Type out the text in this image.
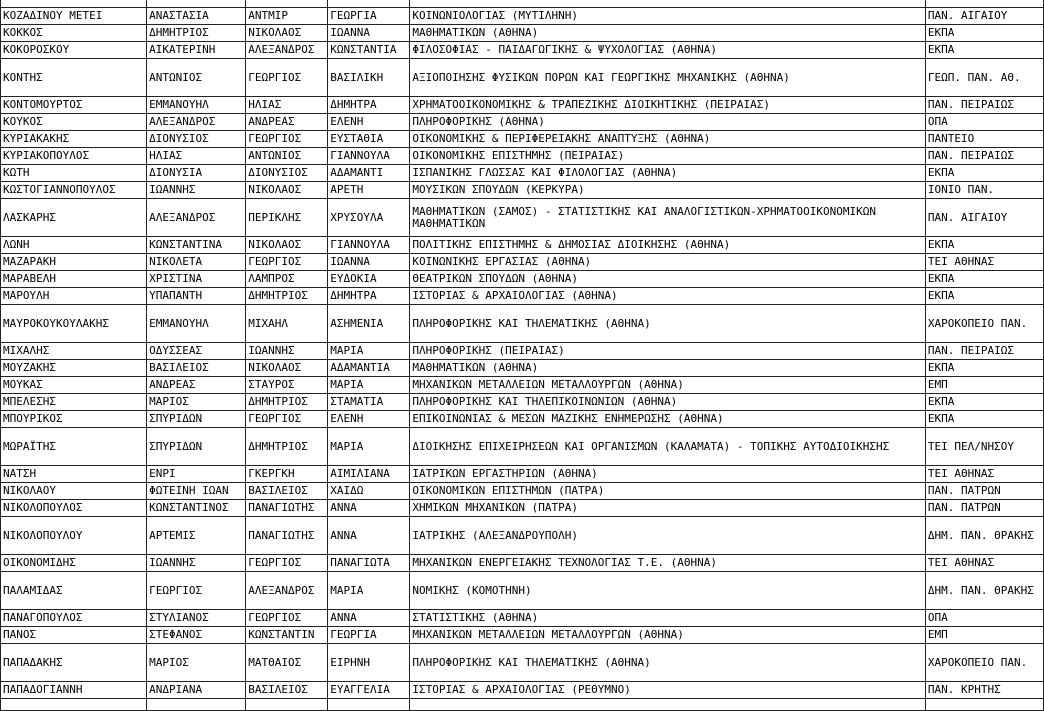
ΚΟΖΑΔΙΝΟΥ ΜΕΤΕΙ	ΑΝΑΣΤΑΣΙΑ	ΑΝΤΜΙΡ	ΓΕΩΡΓΙΑ	ΚΟΙΝΩΝΙΟΛΟΓΙΑΣ (ΜΥΤΙΛΗΝΗ)	ΠΑΝ. ΑΙΓΑΙΟΥ
ΚΟΚΚΟΣ	ΔΗΜΗΤΡΙΟΣ	ΝΙΚΟΛΑΟΣ	ΙΩΑΝΝΑ	ΜΑΘΗΜΑΤΙΚΩΝ (ΑΘΗΝΑ)	ΕΚΠΑ
ΚΟΚΟΡΟΣΚΟΥ	ΑΙΚΑΤΕΡΙΝΗ	ΑΛΕΞΑΝΔΡΟΣ	ΚΩΝΣΤΑΝΤΙΑ	ΦΙΛΟΣΟΦΙΑΣ - ΠΑΙΔΑΓΩΓΙΚΗΣ & ΨΥΧΟΛΟΓΙΑΣ (ΑΘΗΝΑ)	ΕΚΠΑ
ΚΟΝΤΗΣ	ΑΝΤΩΝΙΟΣ	ΓΕΩΡΓΙΟΣ	ΒΑΣΙΛΙΚΗ	ΑΞΙΟΠΟΙΗΣΗΣ ΦΥΣΙΚΩΝ ΠΟΡΩΝ ΚΑΙ ΓΕΩΡΓΙΚΗΣ ΜΗΧΑΝΙΚΗΣ (ΑΘΗΝΑ)	ΓΕΩΠ. ΠΑΝ. ΑΘ.
ΚΟΝΤΟΜΟΥΡΤΟΣ	ΕΜΜΑΝΟΥΗΛ	ΗΛΙΑΣ	ΔΗΜΗΤΡΑ	ΧΡΗΜΑΤΟΟΙΚΟΝΟΜΙΚΗΣ & ΤΡΑΠΕΖΙΚΗΣ ΔΙΟΙΚΗΤΙΚΗΣ (ΠΕΙΡΑΙΑΣ)	ΠΑΝ. ΠΕΙΡΑΙΩΣ
ΚΟΥΚΟΣ	ΑΛΕΞΑΝΔΡΟΣ	ΑΝΔΡΕΑΣ	ΕΛΕΝΗ	ΠΛΗΡΟΦΟΡΙΚΗΣ (ΑΘΗΝΑ)	ΟΠΑ
ΚΥΡΙΑΚΑΚΗΣ	ΔΙΟΝΥΣΙΟΣ	ΓΕΩΡΓΙΟΣ	ΕΥΣΤΑΘΙΑ	ΟΙΚΟΝΟΜΙΚΗΣ & ΠΕΡΙΦΕΡΕΙΑΚΗΣ ΑΝΑΠΤΥΞΗΣ (ΑΘΗΝΑ)	ΠΑΝΤΕΙΟ
ΚΥΡΙΑΚΟΠΟΥΛΟΣ	ΗΛΙΑΣ	ΑΝΤΩΝΙΟΣ	ΓΙΑΝΝΟΥΛΑ	ΟΙΚΟΝΟΜΙΚΗΣ ΕΠΙΣΤΗΜΗΣ (ΠΕΙΡΑΙΑΣ)	ΠΑΝ. ΠΕΙΡΑΙΩΣ
ΚΩΤΗ	ΔΙΟΝΥΣΙΑ	ΔΙΟΝΥΣΙΟΣ	ΑΔΑΜΑΝΤΙ	ΙΣΠΑΝΙΚΗΣ ΓΛΩΣΣΑΣ ΚΑΙ ΦΙΛΟΛΟΓΙΑΣ (ΑΘΗΝΑ)	ΕΚΠΑ
ΚΩΣΤΟΓΙΑΝΝΟΠΟΥΛΟΣ	ΙΩΑΝΝΗΣ	ΝΙΚΟΛΑΟΣ	ΑΡΕΤΗ	ΜΟΥΣΙΚΩΝ ΣΠΟΥΔΩΝ (ΚΕΡΚΥΡΑ)	ΙΟΝΙΟ ΠΑΝ.
ΛΑΣΚΑΡΗΣ	ΑΛΕΞΑΝΔΡΟΣ	ΠΕΡΙΚΛΗΣ	ΧΡΥΣΟΥΛΑ	ΜΑΘΗΜΑΤΙΚΩΝ (ΣΑΜΟΣ) - ΣΤΑΤΙΣΤΙΚΗΣ ΚΑΙ ΑΝΑΛΟΓΙΣΤΙΚΩΝ-ΧΡΗΜΑΤΟΟΙΚΟΝΟΜΙΚΩΝ ΜΑΘΗΜΑΤΙΚΩΝ	ΠΑΝ. ΑΙΓΑΙΟΥ
ΛΩΝΗ	ΚΩΝΣΤΑΝΤΙΝΑ	ΝΙΚΟΛΑΟΣ	ΓΙΑΝΝΟΥΛΑ	ΠΟΛΙΤΙΚΗΣ ΕΠΙΣΤΗΜΗΣ & ΔΗΜΟΣΙΑΣ ΔΙΟΙΚΗΣΗΣ (ΑΘΗΝΑ)	ΕΚΠΑ
ΜΑΖΑΡΑΚΗ	ΝΙΚΟΛΕΤΑ	ΓΕΩΡΓΙΟΣ	ΙΩΑΝΝΑ	ΚΟΙΝΩΝΙΚΗΣ ΕΡΓΑΣΙΑΣ (ΑΘΗΝΑ)	ΤΕΙ ΑΘΗΝΑΣ
ΜΑΡΑΒΕΛΗ	ΧΡΙΣΤΙΝΑ	ΛΑΜΠΡΟΣ	ΕΥΔΟΚΙΑ	ΘΕΑΤΡΙΚΩΝ ΣΠΟΥΔΩΝ (ΑΘΗΝΑ)	ΕΚΠΑ
ΜΑΡΟΥΛΗ	ΥΠΑΠΑΝΤΗ	ΔΗΜΗΤΡΙΟΣ	ΔΗΜΗΤΡΑ	ΙΣΤΟΡΙΑΣ & ΑΡΧΑΙΟΛΟΓΙΑΣ (ΑΘΗΝΑ)	ΕΚΠΑ
ΜΑΥΡΟΚΟΥΚΟΥΛΑΚΗΣ	ΕΜΜΑΝΟΥΗΛ	ΜΙΧΑΗΛ	ΑΣΗΜΕΝΙΑ	ΠΛΗΡΟΦΟΡΙΚΗΣ ΚΑΙ ΤΗΛΕΜΑΤΙΚΗΣ (ΑΘΗΝΑ)	ΧΑΡΟΚΟΠΕΙΟ ΠΑΝ.
ΜΙΧΑΛΗΣ	ΟΔΥΣΣΕΑΣ	ΙΩΑΝΝΗΣ	ΜΑΡΙΑ	ΠΛΗΡΟΦΟΡΙΚΗΣ (ΠΕΙΡΑΙΑΣ)	ΠΑΝ. ΠΕΙΡΑΙΩΣ
ΜΟΥΖΑΚΗΣ	ΒΑΣΙΛΕΙΟΣ	ΝΙΚΟΛΑΟΣ	ΑΔΑΜΑΝΤΙΑ	ΜΑΘΗΜΑΤΙΚΩΝ (ΑΘΗΝΑ)	ΕΚΠΑ
ΜΟΥΚΑΣ	ΑΝΔΡΕΑΣ	ΣΤΑΥΡΟΣ	ΜΑΡΙΑ	ΜΗΧΑΝΙΚΩΝ ΜΕΤΑΛΛΕΙΩΝ ΜΕΤΑΛΛΟΥΡΓΩΝ (ΑΘΗΝΑ)	ΕΜΠ
ΜΠΕΛΕΣΗΣ	ΜΑΡΙΟΣ	ΔΗΜΗΤΡΙΟΣ	ΣΤΑΜΑΤΙΑ	ΠΛΗΡΟΦΟΡΙΚΗΣ ΚΑΙ ΤΗΛΕΠΙΚΟΙΝΩΝΙΩΝ (ΑΘΗΝΑ)	ΕΚΠΑ
ΜΠΟΥΡΙΚΟΣ	ΣΠΥΡΙΔΩΝ	ΓΕΩΡΓΙΟΣ	ΕΛΕΝΗ	ΕΠΙΚΟΙΝΩΝΙΑΣ & ΜΕΣΩΝ ΜΑΖΙΚΗΣ ΕΝΗΜΕΡΩΣΗΣ (ΑΘΗΝΑ)	ΕΚΠΑ
ΜΩΡΑΪΤΗΣ	ΣΠΥΡΙΔΩΝ	ΔΗΜΗΤΡΙΟΣ	ΜΑΡΙΑ	ΔΙΟΙΚΗΣΗΣ ΕΠΙΧΕΙΡΗΣΕΩΝ ΚΑΙ ΟΡΓΑΝΙΣΜΩΝ (ΚΑΛΑΜΑΤΑ) - ΤΟΠΙΚΗΣ ΑΥΤΟΔΙΟΙΚΗΣΗΣ	ΤΕΙ ΠΕΛ/ΝΗΣΟΥ
ΝΑΤΣΗ	ΕΝΡΙ	ΓΚΕΡΓΚΗ	ΑΙΜΙΛΙΑΝΑ	ΙΑΤΡΙΚΩΝ ΕΡΓΑΣΤΗΡΙΩΝ (ΑΘΗΝΑ)	ΤΕΙ ΑΘΗΝΑΣ
ΝΙΚΟΛΑΟΥ	ΦΩΤΕΙΝΗ ΙΩΑΝ	ΒΑΣΙΛΕΙΟΣ	ΧΑΙΔΩ	ΟΙΚΟΝΟΜΙΚΩΝ ΕΠΙΣΤΗΜΩΝ (ΠΑΤΡΑ)	ΠΑΝ. ΠΑΤΡΩΝ
ΝΙΚΟΛΟΠΟΥΛΟΣ	ΚΩΝΣΤΑΝΤΙΝΟΣ	ΠΑΝΑΓΙΩΤΗΣ	ΑΝΝΑ	ΧΗΜΙΚΩΝ ΜΗΧΑΝΙΚΩΝ (ΠΑΤΡΑ)	ΠΑΝ. ΠΑΤΡΩΝ
ΝΙΚΟΛΟΠΟΥΛΟΥ	ΑΡΤΕΜΙΣ	ΠΑΝΑΓΙΩΤΗΣ	ΑΝΝΑ	ΙΑΤΡΙΚΗΣ (ΑΛΕΞΑΝΔΡΟΥΠΟΛΗ)	ΔΗΜ. ΠΑΝ. ΘΡΑΚΗΣ
ΟΙΚΟΝΟΜΙΔΗΣ	ΙΩΑΝΝΗΣ	ΓΕΩΡΓΙΟΣ	ΠΑΝΑΓΙΩΤΑ	ΜΗΧΑΝΙΚΩΝ ΕΝΕΡΓΕΙΑΚΗΣ ΤΕΧΝΟΛΟΓΙΑΣ Τ.Ε. (ΑΘΗΝΑ)	ΤΕΙ ΑΘΗΝΑΣ
ΠΑΛΑΜΙΔΑΣ	ΓΕΩΡΓΙΟΣ	ΑΛΕΞΑΝΔΡΟΣ	ΜΑΡΙΑ	ΝΟΜΙΚΗΣ (ΚΟΜΟΤΗΝΗ)	ΔΗΜ. ΠΑΝ. ΘΡΑΚΗΣ
ΠΑΝΑΓΟΠΟΥΛΟΣ	ΣΤΥΛΙΑΝΟΣ	ΓΕΩΡΓΙΟΣ	ΑΝΝΑ	ΣΤΑΤΙΣΤΙΚΗΣ (ΑΘΗΝΑ)	ΟΠΑ
ΠΑΝΟΣ	ΣΤΕΦΑΝΟΣ	ΚΩΝΣΤΑΝΤΙΝ	ΓΕΩΡΓΙΑ	ΜΗΧΑΝΙΚΩΝ ΜΕΤΑΛΛΕΙΩΝ ΜΕΤΑΛΛΟΥΡΓΩΝ (ΑΘΗΝΑ)	ΕΜΠ
ΠΑΠΑΔΑΚΗΣ	ΜΑΡΙΟΣ	ΜΑΤΘΑΙΟΣ	ΕΙΡΗΝΗ	ΠΛΗΡΟΦΟΡΙΚΗΣ ΚΑΙ ΤΗΛΕΜΑΤΙΚΗΣ (ΑΘΗΝΑ)	ΧΑΡΟΚΟΠΕΙΟ ΠΑΝ.
ΠΑΠΑΔΟΓΙΑΝΝΗ	ΑΝΔΡΙΑΝΑ	ΒΑΣΙΛΕΙΟΣ	ΕΥΑΓΓΕΛΙΑ	ΙΣΤΟΡΙΑΣ & ΑΡΧΑΙΟΛΟΓΙΑΣ (ΡΕΘΥΜΝΟ)	ΠΑΝ. ΚΡΗΤΗΣ
